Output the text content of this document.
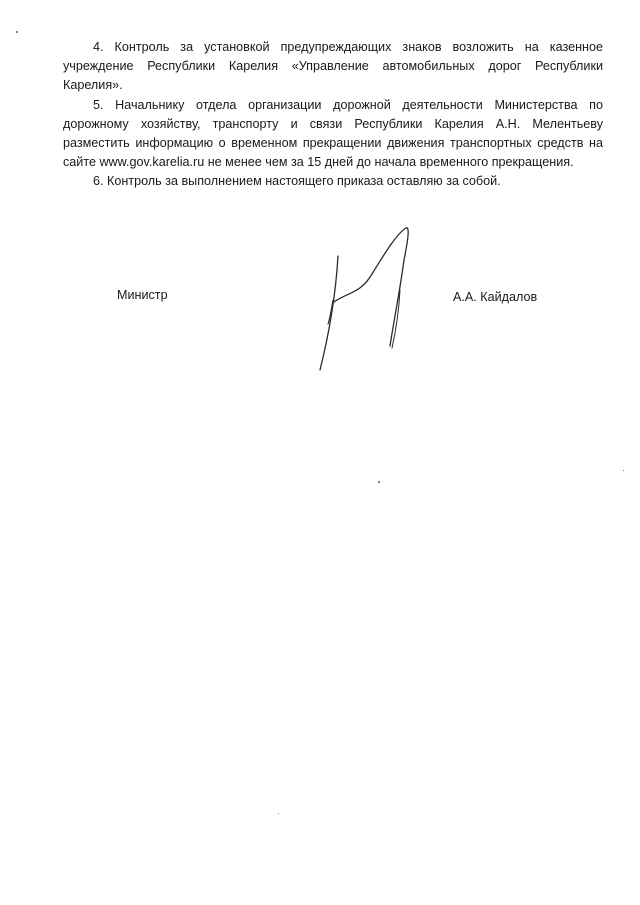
4. Контроль за установкой предупреждающих знаков возложить на казенное учреждение Республики Карелия «Управление автомобильных дорог Республики Карелия».

5. Начальнику отдела организации дорожной деятельности Министерства по дорожному хозяйству, транспорту и связи Республики Карелия А.Н. Мелентьеву разместить информацию о временном прекращении движения транспортных средств на сайте www.gov.karelia.ru не менее чем за 15 дней до начала временного прекращения.

6. Контроль за выполнением настоящего приказа оставляю за собой.

Министр	А.А. Кайдалов
